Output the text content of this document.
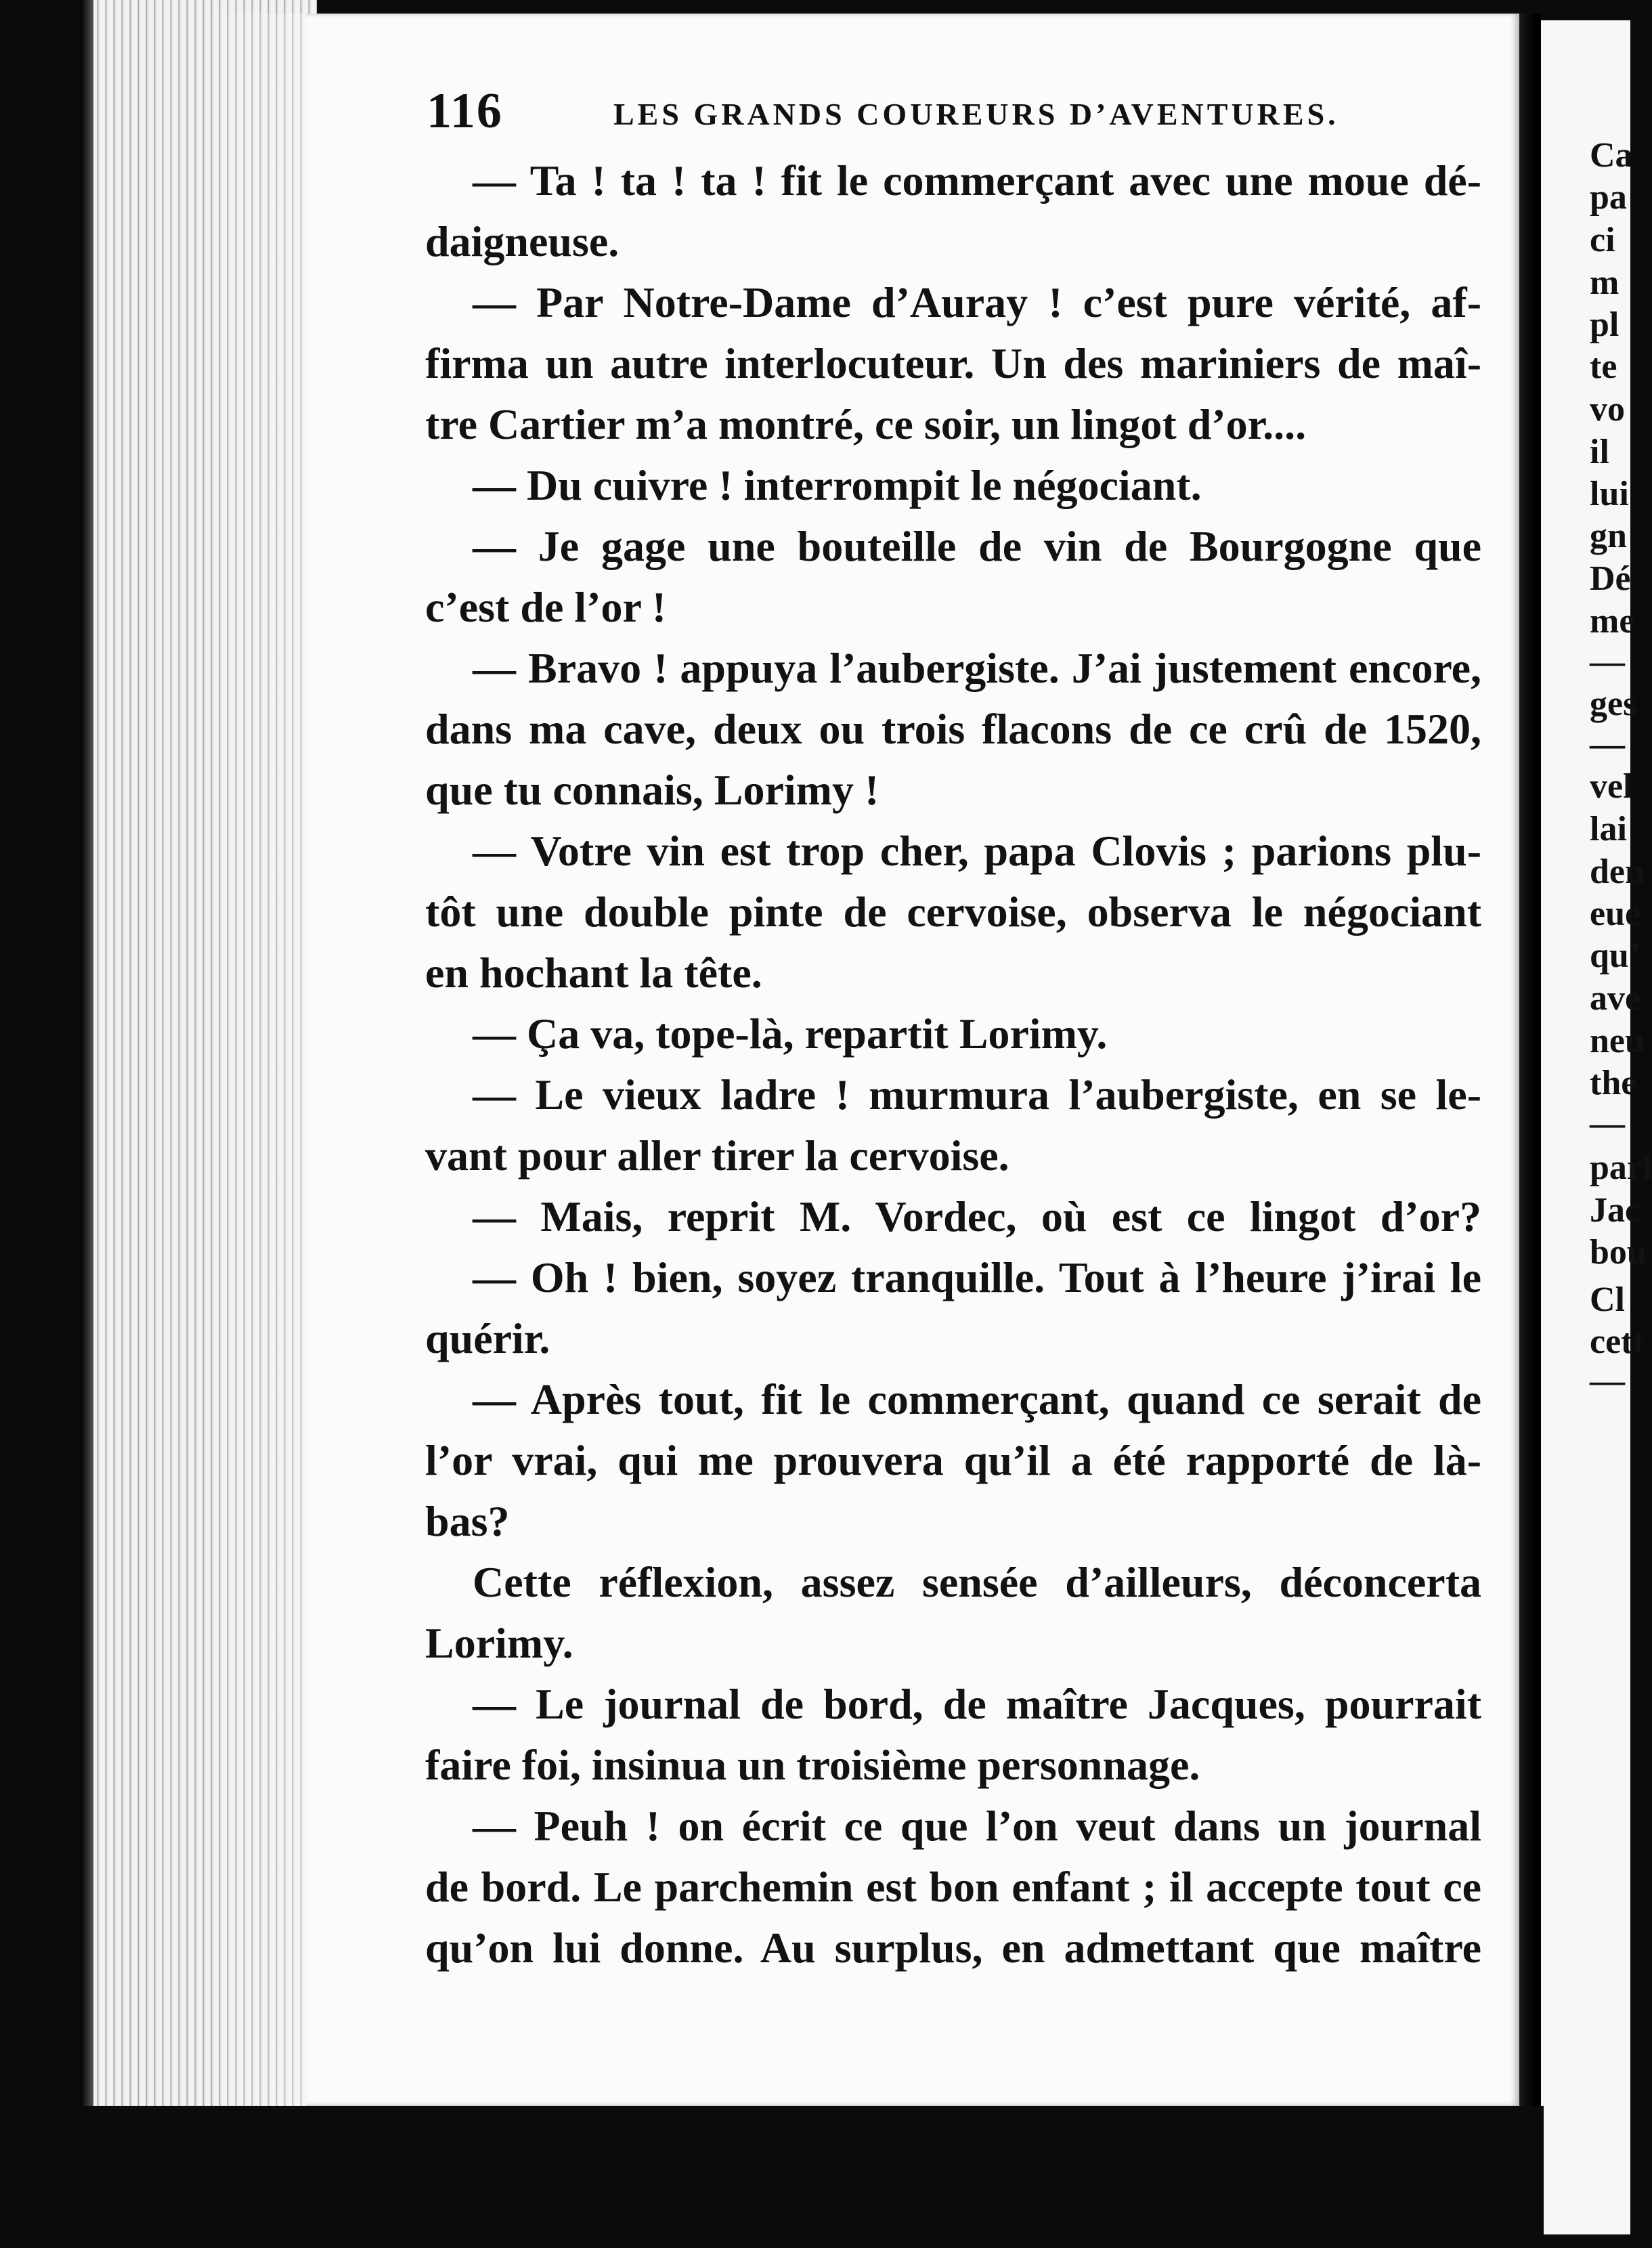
116	LES GRANDS COUREURS D’AVENTURES.
— Ta ! ta ! ta ! fit le commerçant avec une moue dé-
daigneuse.
— Par Notre-Dame d’Auray ! c’est pure vérité, af-
firma un autre interlocuteur. Un des mariniers de maî-
tre Cartier m’a montré, ce soir, un lingot d’or....
— Du cuivre ! interrompit le négociant.
— Je gage une bouteille de vin de Bourgogne que
c’est de l’or !
— Bravo ! appuya l’aubergiste. J’ai justement encore,
dans ma cave, deux ou trois flacons de ce crû de 1520,
que tu connais, Lorimy !
— Votre vin est trop cher, papa Clovis ; parions plu-
tôt une double pinte de cervoise, observa le négociant
en hochant la tête.
— Ça va, tope-là, repartit Lorimy.
— Le vieux ladre ! murmura l’aubergiste, en se le-
vant pour aller tirer la cervoise.
— Mais, reprit M. Vordec, où est ce lingot d’or?
— Oh ! bien, soyez tranquille. Tout à l’heure j’irai le
quérir.
— Après tout, fit le commerçant, quand ce serait de
l’or vrai, qui me prouvera qu’il a été rapporté de là-
bas?
Cette réflexion, assez sensée d’ailleurs, déconcerta
Lorimy.
— Le journal de bord, de maître Jacques, pourrait
faire foi, insinua un troisième personnage.
— Peuh ! on écrit ce que l’on veut dans un journal
de bord. Le parchemin est bon enfant ; il accepte tout ce
qu’on lui donne. Au surplus, en admettant que maître
Ca
pa
ci
m
pl
te
vo
il
lui
gn
Dé
me
—
ges
—
vel
lai
den
eue
qu’
ave
neu
the
—
parl
Jac
bou
Cl
cett
—
